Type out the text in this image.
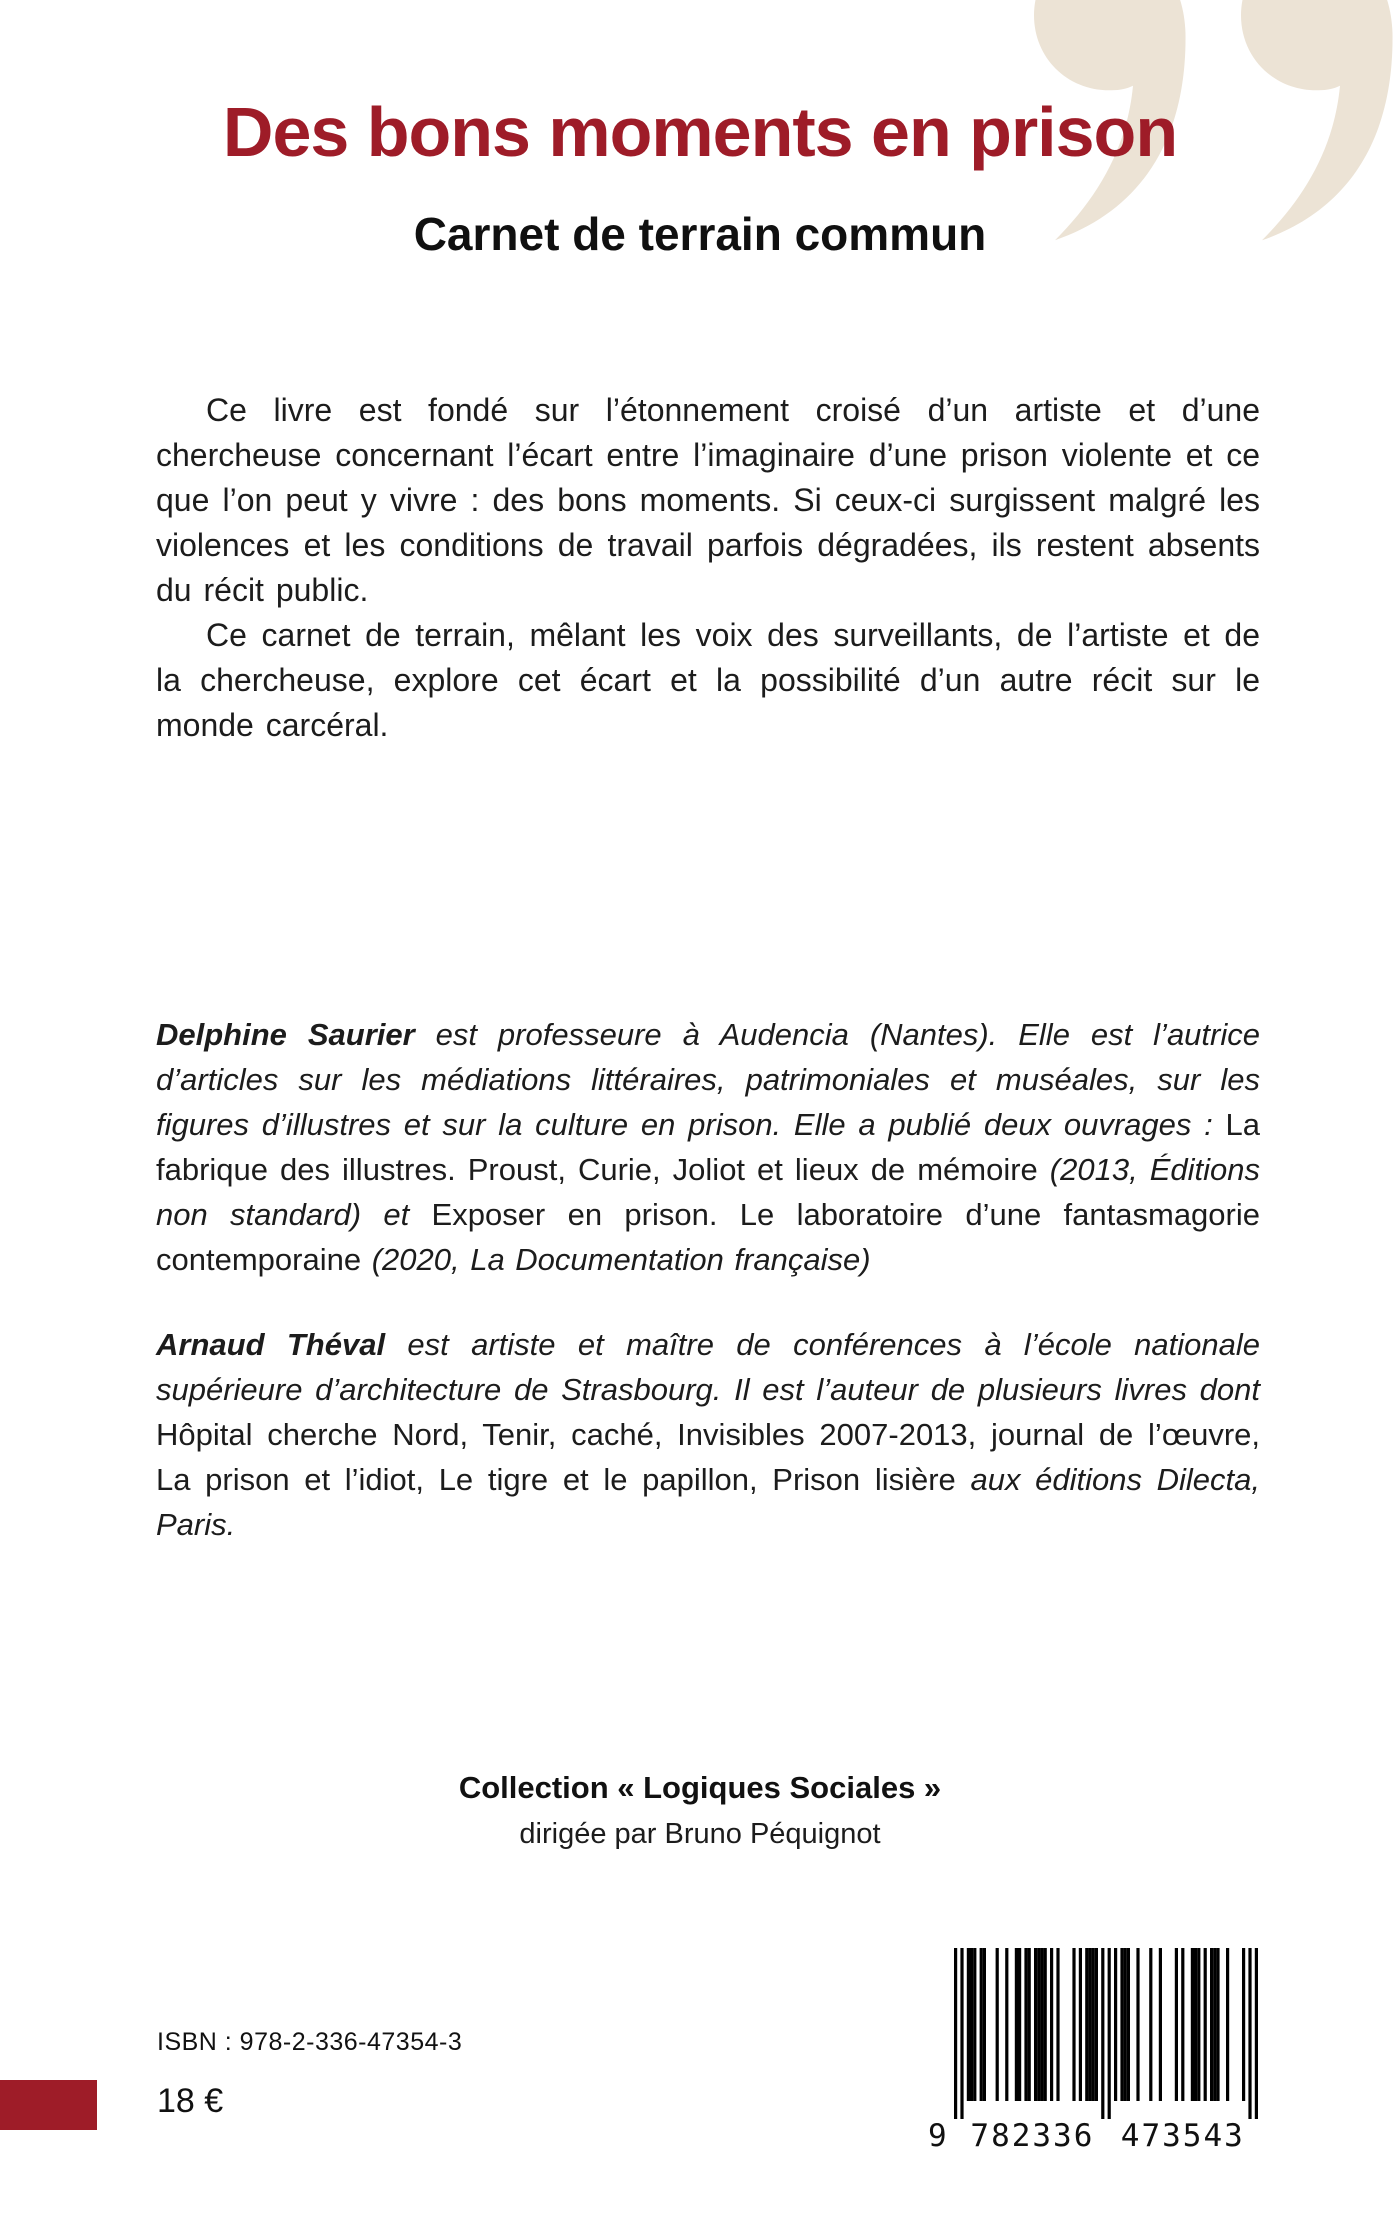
Des bons moments en prison
Carnet de terrain commun

Ce livre est fondé sur l’étonnement croisé d’un artiste et d’une chercheuse concernant l’écart entre l’imaginaire d’une prison violente et ce que l’on peut y vivre : des bons moments. Si ceux-ci surgissent malgré les violences et les conditions de travail parfois dégradées, ils restent absents du récit public.

Ce carnet de terrain, mêlant les voix des surveillants, de l’artiste et de la chercheuse, explore cet écart et la possibilité d’un autre récit sur le monde carcéral.

Delphine Saurier est professeure à Audencia (Nantes). Elle est l’autrice d’articles sur les médiations littéraires, patrimoniales et muséales, sur les figures d’illustres et sur la culture en prison. Elle a publié deux ouvrages : La fabrique des illustres. Proust, Curie, Joliot et lieux de mémoire (2013, Éditions non standard) et Exposer en prison. Le laboratoire d’une fantasmagorie contemporaine (2020, La Documentation française)

Arnaud Théval est artiste et maître de conférences à l’école nationale supérieure d’architecture de Strasbourg. Il est l’auteur de plusieurs livres dont Hôpital cherche Nord, Tenir, caché, Invisibles 2007-2013, journal de l’œuvre, La prison et l’idiot, Le tigre et le papillon, Prison lisière aux éditions Dilecta, Paris.

Collection « Logiques Sociales »
dirigée par Bruno Péquignot
ISBN : 978-2-336-47354-3
18 €
9 782336 473543
